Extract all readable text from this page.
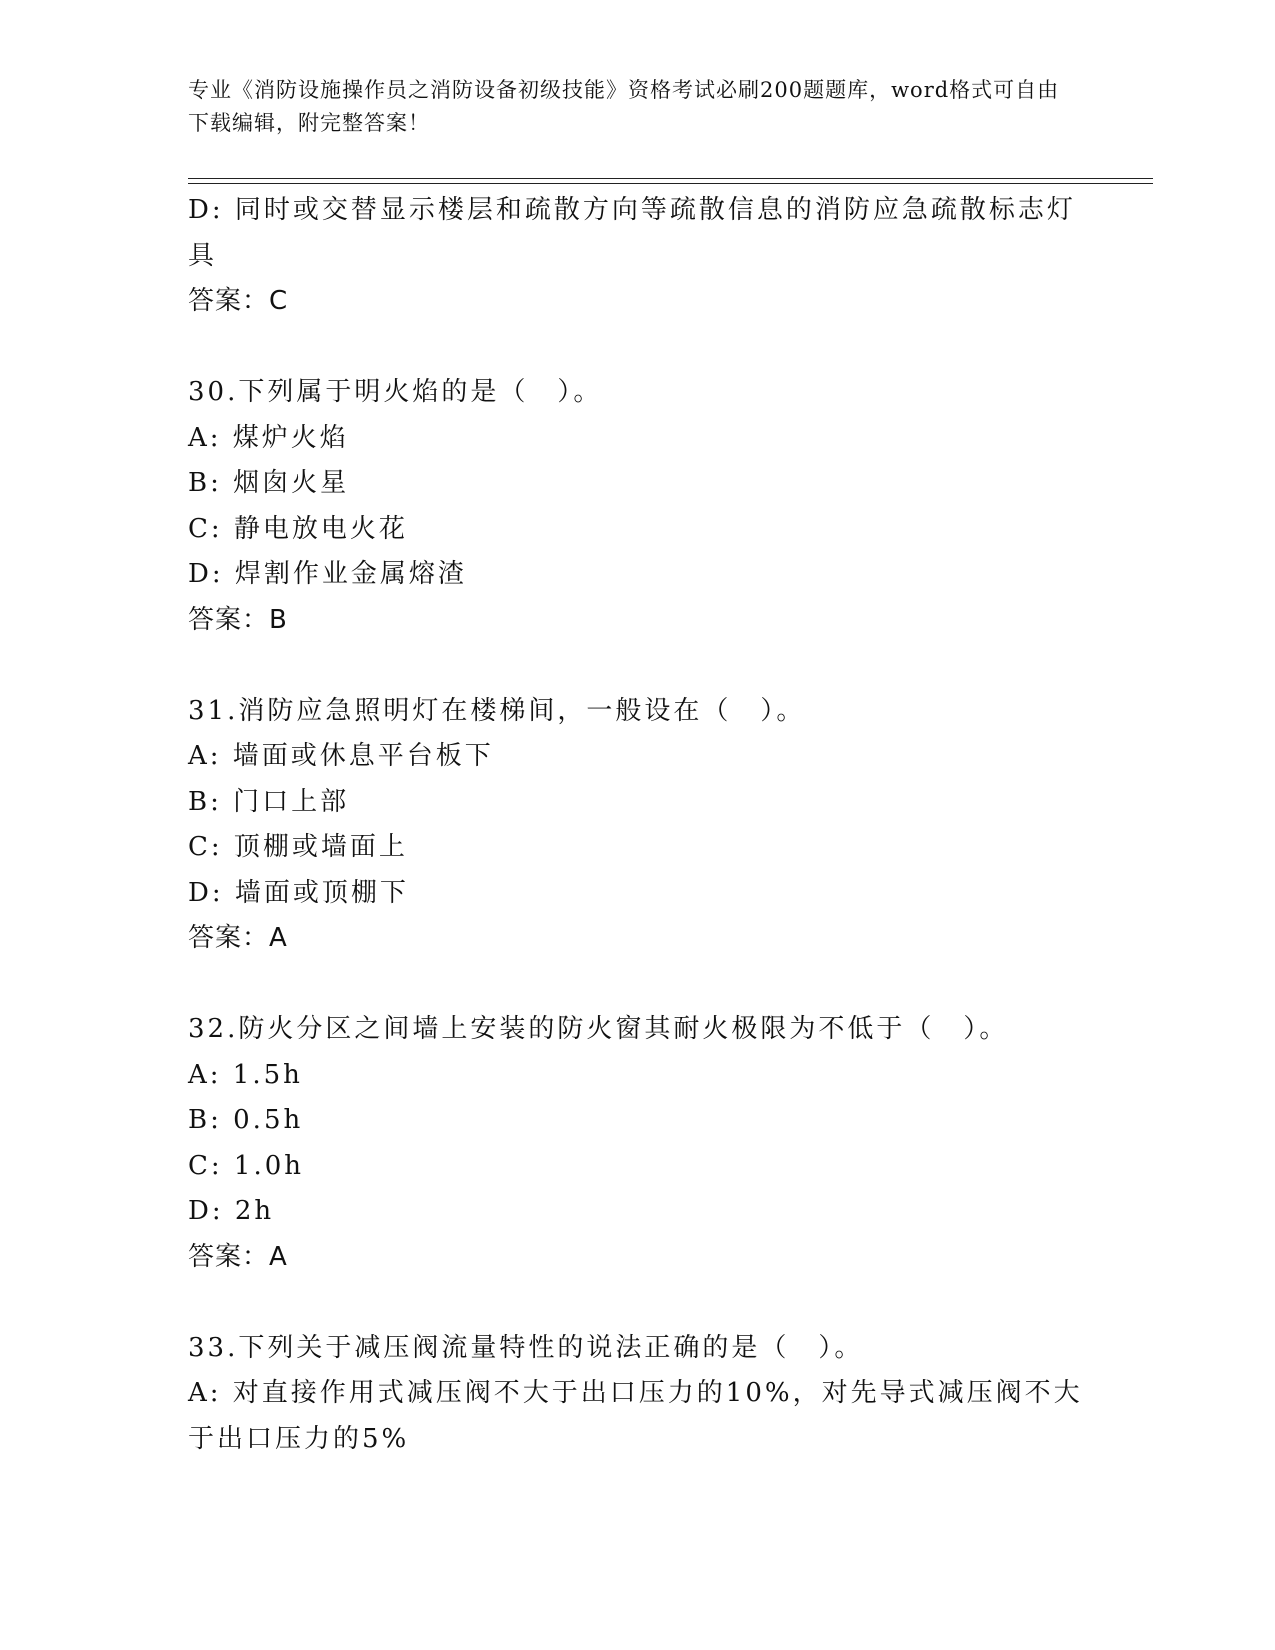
专业《消防设施操作员之消防设备初级技能》资格考试必刷200题题库，word格式可自由下载编辑，附完整答案！
D: 同时或交替显示楼层和疏散方向等疏散信息的消防应急疏散标志灯
具
答案：C
30.下列属于明火焰的是（　）。
A: 煤炉火焰
B: 烟囱火星
C: 静电放电火花
D: 焊割作业金属熔渣
答案：B
31.消防应急照明灯在楼梯间，一般设在（　）。
A: 墙面或休息平台板下
B: 门口上部
C: 顶棚或墙面上
D: 墙面或顶棚下
答案：A
32.防火分区之间墙上安装的防火窗其耐火极限为不低于（　）。
A: 1.5h
B: 0.5h
C: 1.0h
D: 2h
答案：A
33.下列关于减压阀流量特性的说法正确的是（　）。
A: 对直接作用式减压阀不大于出口压力的10%，对先导式减压阀不大
于出口压力的5%
